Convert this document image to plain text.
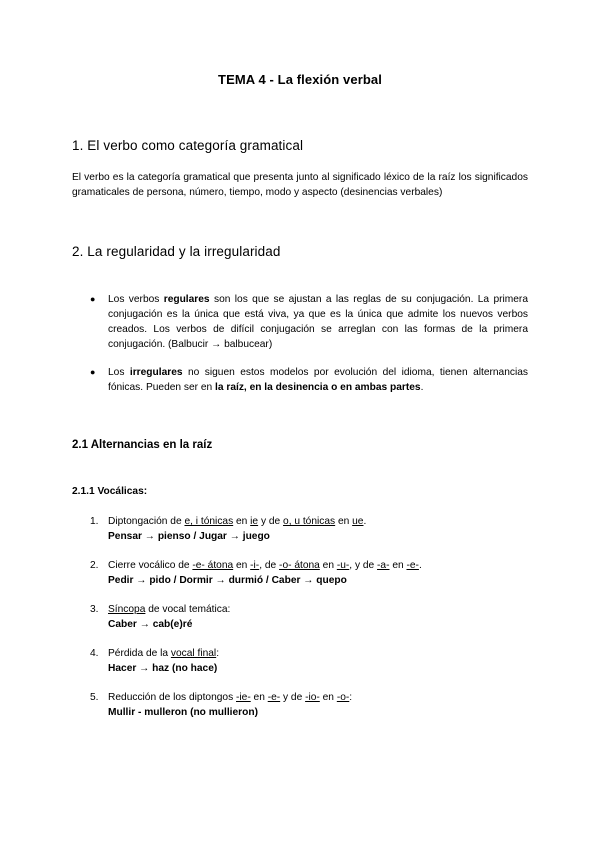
TEMA 4 - La flexión verbal
1. El verbo como categoría gramatical

El verbo es la categoría gramatical que presenta junto al significado léxico de la raíz los significados gramaticales de persona, número, tiempo, modo y aspecto (desinencias verbales)

2. La regularidad y la irregularidad
●	Los verbos regulares son los que se ajustan a las reglas de su conjugación. La primera conjugación es la única que está viva, ya que es la única que admite los nuevos verbos creados. Los verbos de difícil conjugación se arreglan con las formas de la primera conjugación. (Balbucir → balbucear)
●	Los irregulares no siguen estos modelos por evolución del idioma, tienen alternancias fónicas. Pueden ser en la raíz, en la desinencia o en ambas partes.
2.1 Alternancias en la raíz
2.1.1 Vocálicas:
1. Diptongación de e, i tónicas en ie y de o, u tónicas en ue.
Pensar → pienso / Jugar → juego
2. Cierre vocálico de -e- átona en -i-, de -o- átona en -u-, y de -a- en -e-.
Pedir → pido / Dormir → durmió / Caber → quepo
3. Síncopa de vocal temática:
Caber → cab(e)ré
4. Pérdida de la vocal final:
Hacer → haz (no hace)
5. Reducción de los diptongos -ie- en -e- y de -io- en -o-:
Mullir - mulleron (no mullieron)
